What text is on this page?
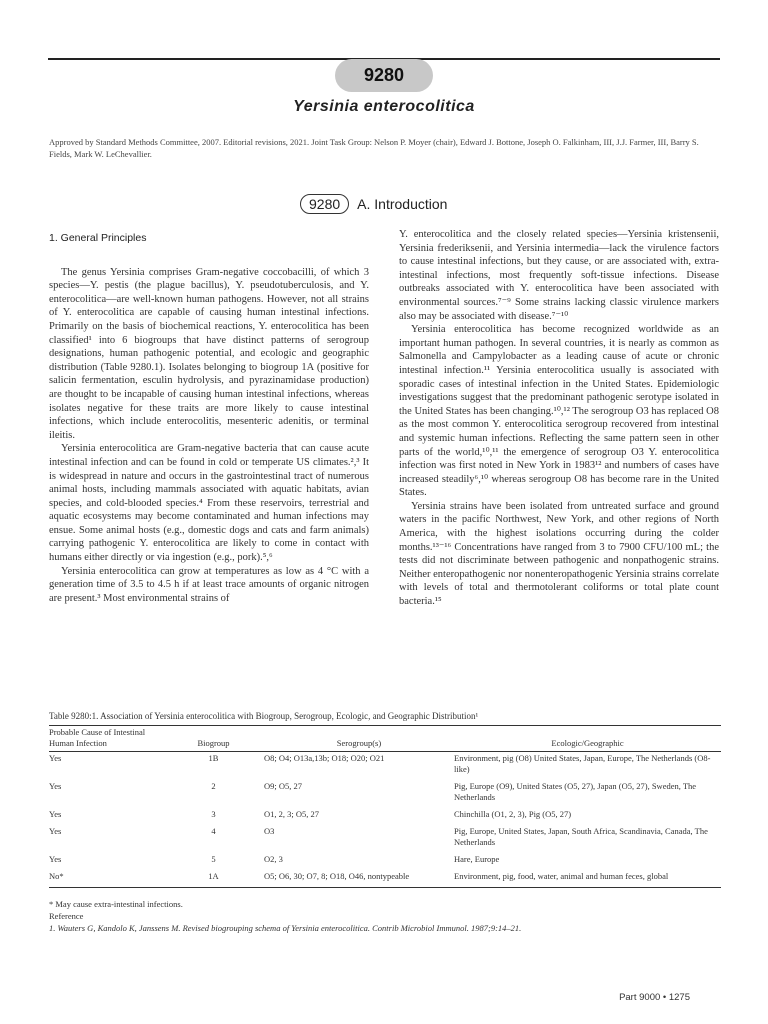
9280
Yersinia enterocolitica
Approved by Standard Methods Committee, 2007. Editorial revisions, 2021. Joint Task Group: Nelson P. Moyer (chair), Edward J. Bottone, Joseph O. Falkinham, III, J.J. Farmer, III, Barry S. Fields, Mark W. LeChevallier.
9280	A. Introduction

1. General Principles

The genus Yersinia comprises Gram-negative coccobacilli, of which 3 species—Y. pestis (the plague bacillus), Y. pseudotuberculosis, and Y. enterocolitica—are well-known human pathogens. However, not all strains of Y. enterocolitica are capable of causing human intestinal infections. Primarily on the basis of biochemical reactions, Y. enterocolitica has been classified¹ into 6 biogroups that have distinct patterns of serogroup designations, human pathogenic potential, and ecologic and geographic distribution (Table 9280.1). Isolates belonging to biogroup 1A (positive for salicin fermentation, esculin hydrolysis, and pyrazinamidase production) are thought to be incapable of causing human intestinal infections, whereas isolates negative for these traits are more likely to cause intestinal infections, which include enterocolitis, mesenteric adenitis, or terminal ileitis.

Yersinia enterocolitica are Gram-negative bacteria that can cause acute intestinal infection and can be found in cold or temperate US climates.²,³ It is widespread in nature and occurs in the gastrointestinal tract of numerous animal hosts, including mammals associated with aquatic habitats, avian species, and cold-blooded species.⁴ From these reservoirs, terrestrial and aquatic ecosystems may become contaminated and human infections may ensue. Some animal hosts (e.g., domestic dogs and cats and farm animals) carrying pathogenic Y. enterocolitica are likely to come in contact with humans either directly or via ingestion (e.g., pork).⁵,⁶

Yersinia enterocolitica can grow at temperatures as low as 4 °C with a generation time of 3.5 to 4.5 h if at least trace amounts of organic nitrogen are present.³ Most environmental strains of

Y. enterocolitica and the closely related species—Yersinia kristensenii, Yersinia frederiksenii, and Yersinia intermedia—lack the virulence factors to cause intestinal infections, but they cause, or are associated with, extra-intestinal infections, most frequently soft-tissue infections. Disease outbreaks associated with Y. enterocolitica have been associated with environmental sources.⁷⁻⁹ Some strains lacking classic virulence markers also may be associated with disease.⁷⁻¹⁰

Yersinia enterocolitica has become recognized worldwide as an important human pathogen. In several countries, it is nearly as common as Salmonella and Campylobacter as a leading cause of acute or chronic intestinal infection.¹¹ Yersinia enterocolitica usually is associated with sporadic cases of intestinal infection in the United States. Epidemiologic investigations suggest that the predominant pathogenic serotype isolated in the United States has been changing.¹⁰,¹² The serogroup O3 has replaced O8 as the most common Y. enterocolitica serogroup recovered from intestinal and systemic human infections. Reflecting the same pattern seen in other parts of the world,¹⁰,¹¹ the emergence of serogroup O3 Y. enterocolitica infection was first noted in New York in 1983¹² and numbers of cases have increased steadily⁶,¹⁰ whereas serogroup O8 has become rare in the United States.

Yersinia strains have been isolated from untreated surface and ground waters in the pacific Northwest, New York, and other regions of North America, with the highest isolations occurring during the colder months.¹³⁻¹⁶ Concentrations have ranged from 3 to 7900 CFU/100 mL; the tests did not discriminate between pathogenic and nonpathogenic strains. Neither enteropathogenic nor nonenteropathogenic Yersinia strains correlate with levels of total and thermotolerant coliforms or total plate count bacteria.¹⁵

Table 9280:1. Association of Yersinia enterocolitica with Biogroup, Serogroup, Ecologic, and Geographic Distribution¹
Probable Cause of Intestinal Human Infection	Biogroup	Serogroup(s)	Ecologic/Geographic
Yes	1B	O8; O4; O13a,13b; O18; O20; O21	Environment, pig (O8) United States, Japan, Europe, The Netherlands (O8-like)
Yes	2	O9; O5, 27	Pig, Europe (O9), United States (O5, 27), Japan (O5, 27), Sweden, The Netherlands
Yes	3	O1, 2, 3; O5, 27	Chinchilla (O1, 2, 3), Pig (O5, 27)
Yes	4	O3	Pig, Europe, United States, Japan, South Africa, Scandinavia, Canada, The Netherlands
Yes	5	O2, 3	Hare, Europe
No*	1A	O5; O6, 30; O7, 8; O18, O46, nontypeable	Environment, pig, food, water, animal and human feces, global
* May cause extra-intestinal infections.
Reference
1. Wauters G, Kandolo K, Janssens M. Revised biogrouping schema of Yersinia enterocolitica. Contrib Microbiol Immunol. 1987;9:14–21.
Part 9000 • 1275
